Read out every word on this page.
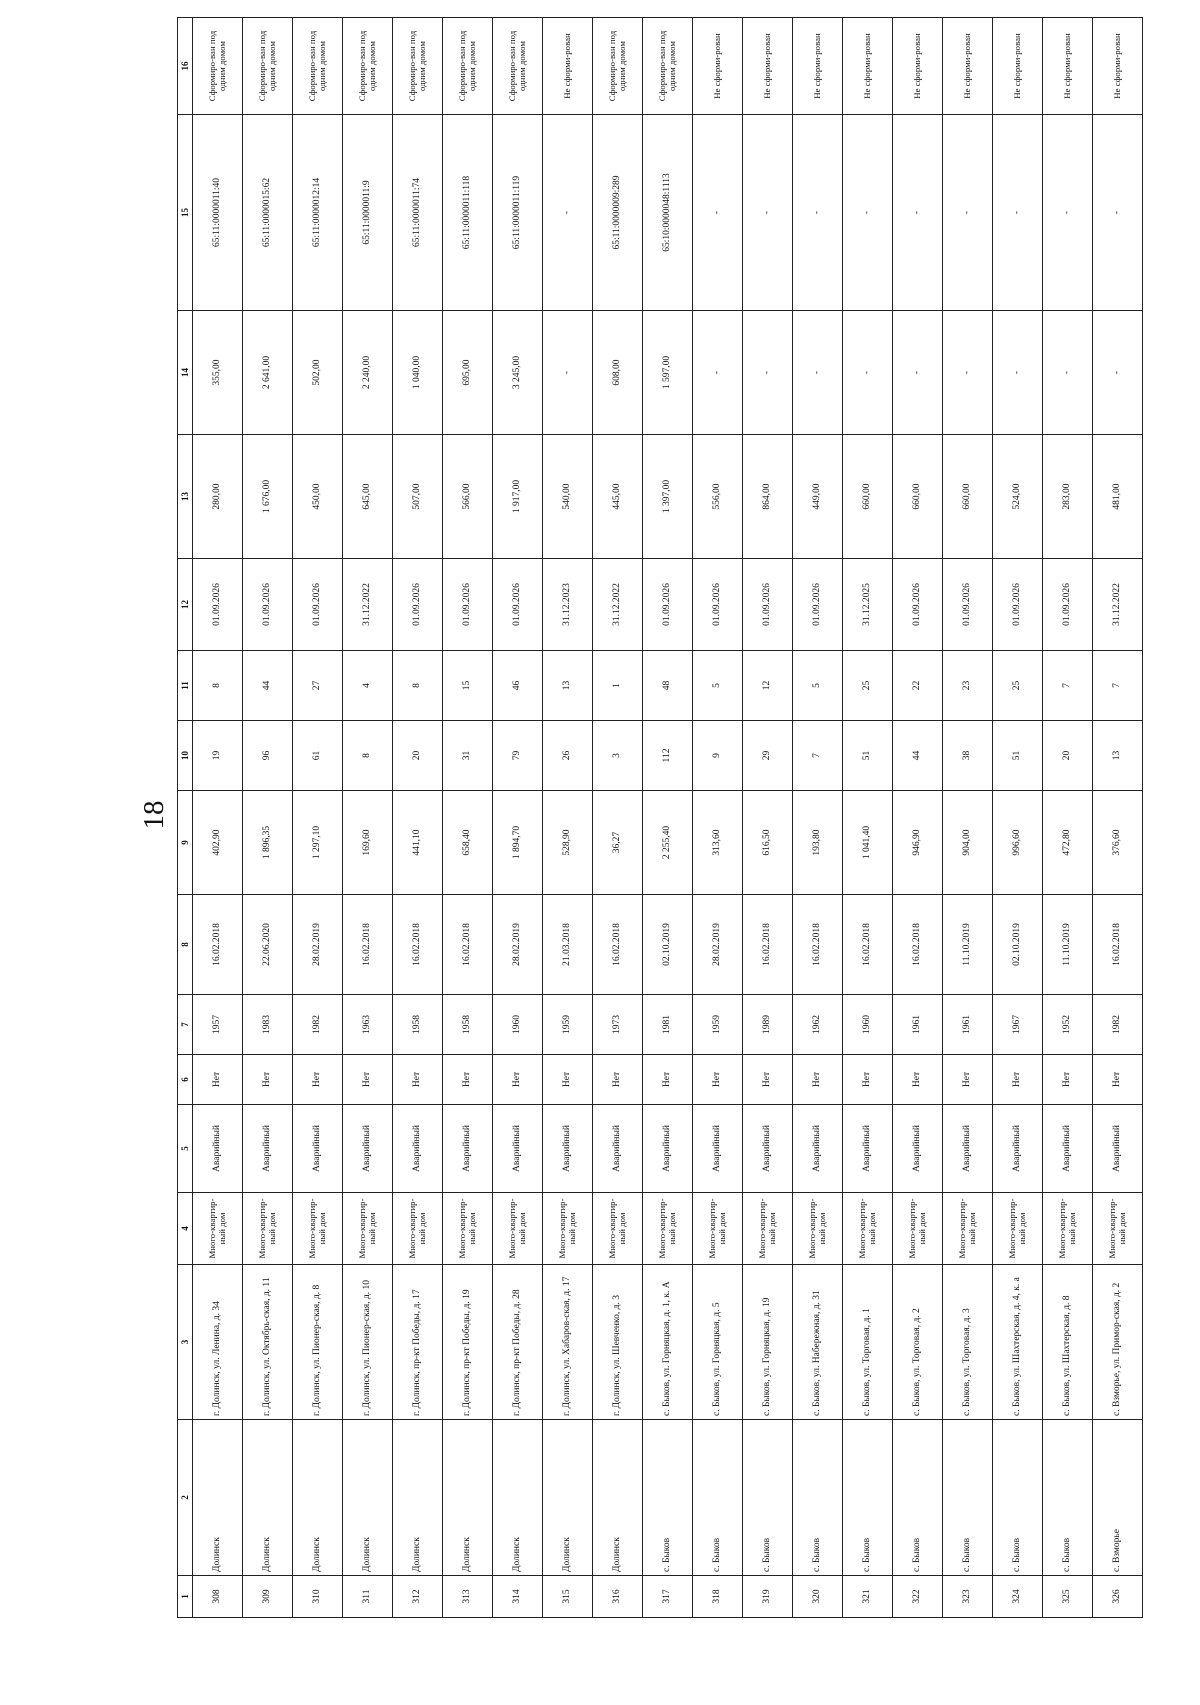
18
1	2	3	4	5	6	7	8	9	10	11	12	13	14	15	16
308	Долинск	г. Долинск, ул. Ленина, д. 34	Много-квартир-ный дом	Аварийный	Нет	1957	16.02.2018	402,90	19	8	01.09.2026	280,00	355,00	65:11:0000011:40	Сформиро-ван под одним домом
309	Долинск	г. Долинск, ул. Октябрь-ская, д. 11	Много-квартир-ный дом	Аварийный	Нет	1983	22.06.2020	1 896,35	96	44	01.09.2026	1 676,00	2 641,00	65:11:0000015:62	Сформиро-ван под одним домом
310	Долинск	г. Долинск, ул. Пионер-ская, д. 8	Много-квартир-ный дом	Аварийный	Нет	1982	28.02.2019	1 297,10	61	27	01.09.2026	450,00	502,00	65:11:0000012:14	Сформиро-ван под одним домом
311	Долинск	г. Долинск, ул. Пионер-ская, д. 10	Много-квартир-ный дом	Аварийный	Нет	1963	16.02.2018	169,60	8	4	31.12.2022	645,00	2 240,00	65:11:0000011:9	Сформиро-ван под одним домом
312	Долинск	г. Долинск, пр-кт Победы, д. 17	Много-квартир-ный дом	Аварийный	Нет	1958	16.02.2018	441,10	20	8	01.09.2026	507,00	1 040,00	65:11:0000011:74	Сформиро-ван под одним домом
313	Долинск	г. Долинск, пр-кт Победы, д. 19	Много-квартир-ный дом	Аварийный	Нет	1958	16.02.2018	658,40	31	15	01.09.2026	566,00	695,00	65:11:0000011:118	Сформиро-ван под одним домом
314	Долинск	г. Долинск, пр-кт Победы, д. 28	Много-квартир-ный дом	Аварийный	Нет	1960	28.02.2019	1 894,70	79	46	01.09.2026	1 917,00	3 245,00	65:11:0000011:119	Сформиро-ван под одним домом
315	Долинск	г. Долинск, ул. Хабаров-ская, д. 17	Много-квартир-ный дом	Аварийный	Нет	1959	21.03.2018	528,90	26	13	31.12.2023	540,00	-	-	Не сформи-рован
316	Долинск	г. Долинск, ул. Шевченко, д. 3	Много-квартир-ный дом	Аварийный	Нет	1973	16.02.2018	36,27	3	1	31.12.2022	445,00	608,00	65:11:0000009:289	Сформиро-ван под одним домом
317	с. Быков	с. Быков, ул. Горняцкая, д. 1, к. А	Много-квартир-ный дом	Аварийный	Нет	1981	02.10.2019	2 255,40	112	48	01.09.2026	1 397,00	1 597,00	65:10:0000048:1113	Сформиро-ван под одним домом
318	с. Быков	с. Быков, ул. Горняцкая, д. 5	Много-квартир-ный дом	Аварийный	Нет	1959	28.02.2019	313,60	9	5	01.09.2026	556,00	-	-	Не сформи-рован
319	с. Быков	с. Быков, ул. Горняцкая, д. 19	Много-квартир-ный дом	Аварийный	Нет	1989	16.02.2018	616,50	29	12	01.09.2026	864,00	-	-	Не сформи-рован
320	с. Быков	с. Быков, ул. Набережная, д. 31	Много-квартир-ный дом	Аварийный	Нет	1962	16.02.2018	193,80	7	5	01.09.2026	449,00	-	-	Не сформи-рован
321	с. Быков	с. Быков, ул. Торговая, д. 1	Много-квартир-ный дом	Аварийный	Нет	1960	16.02.2018	1 041,40	51	25	31.12.2025	660,00	-	-	Не сформи-рован
322	с. Быков	с. Быков, ул. Торговая, д. 2	Много-квартир-ный дом	Аварийный	Нет	1961	16.02.2018	946,90	44	22	01.09.2026	660,00	-	-	Не сформи-рован
323	с. Быков	с. Быков, ул. Торговая, д. 3	Много-квартир-ный дом	Аварийный	Нет	1961	11.10.2019	904,00	38	23	01.09.2026	660,00	-	-	Не сформи-рован
324	с. Быков	с. Быков, ул. Шахтерская, д. 4, к. а	Много-квартир-ный дом	Аварийный	Нет	1967	02.10.2019	996,60	51	25	01.09.2026	524,00	-	-	Не сформи-рован
325	с. Быков	с. Быков, ул. Шахтерская, д. 8	Много-квартир-ный дом	Аварийный	Нет	1952	11.10.2019	472,80	20	7	01.09.2026	283,00	-	-	Не сформи-рован
326	с. Взморье	с. Взморье, ул. Примор-ская, д. 2	Много-квартир-ный дом	Аварийный	Нет	1982	16.02.2018	376,60	13	7	31.12.2022	481,00	-	-	Не сформи-рован
